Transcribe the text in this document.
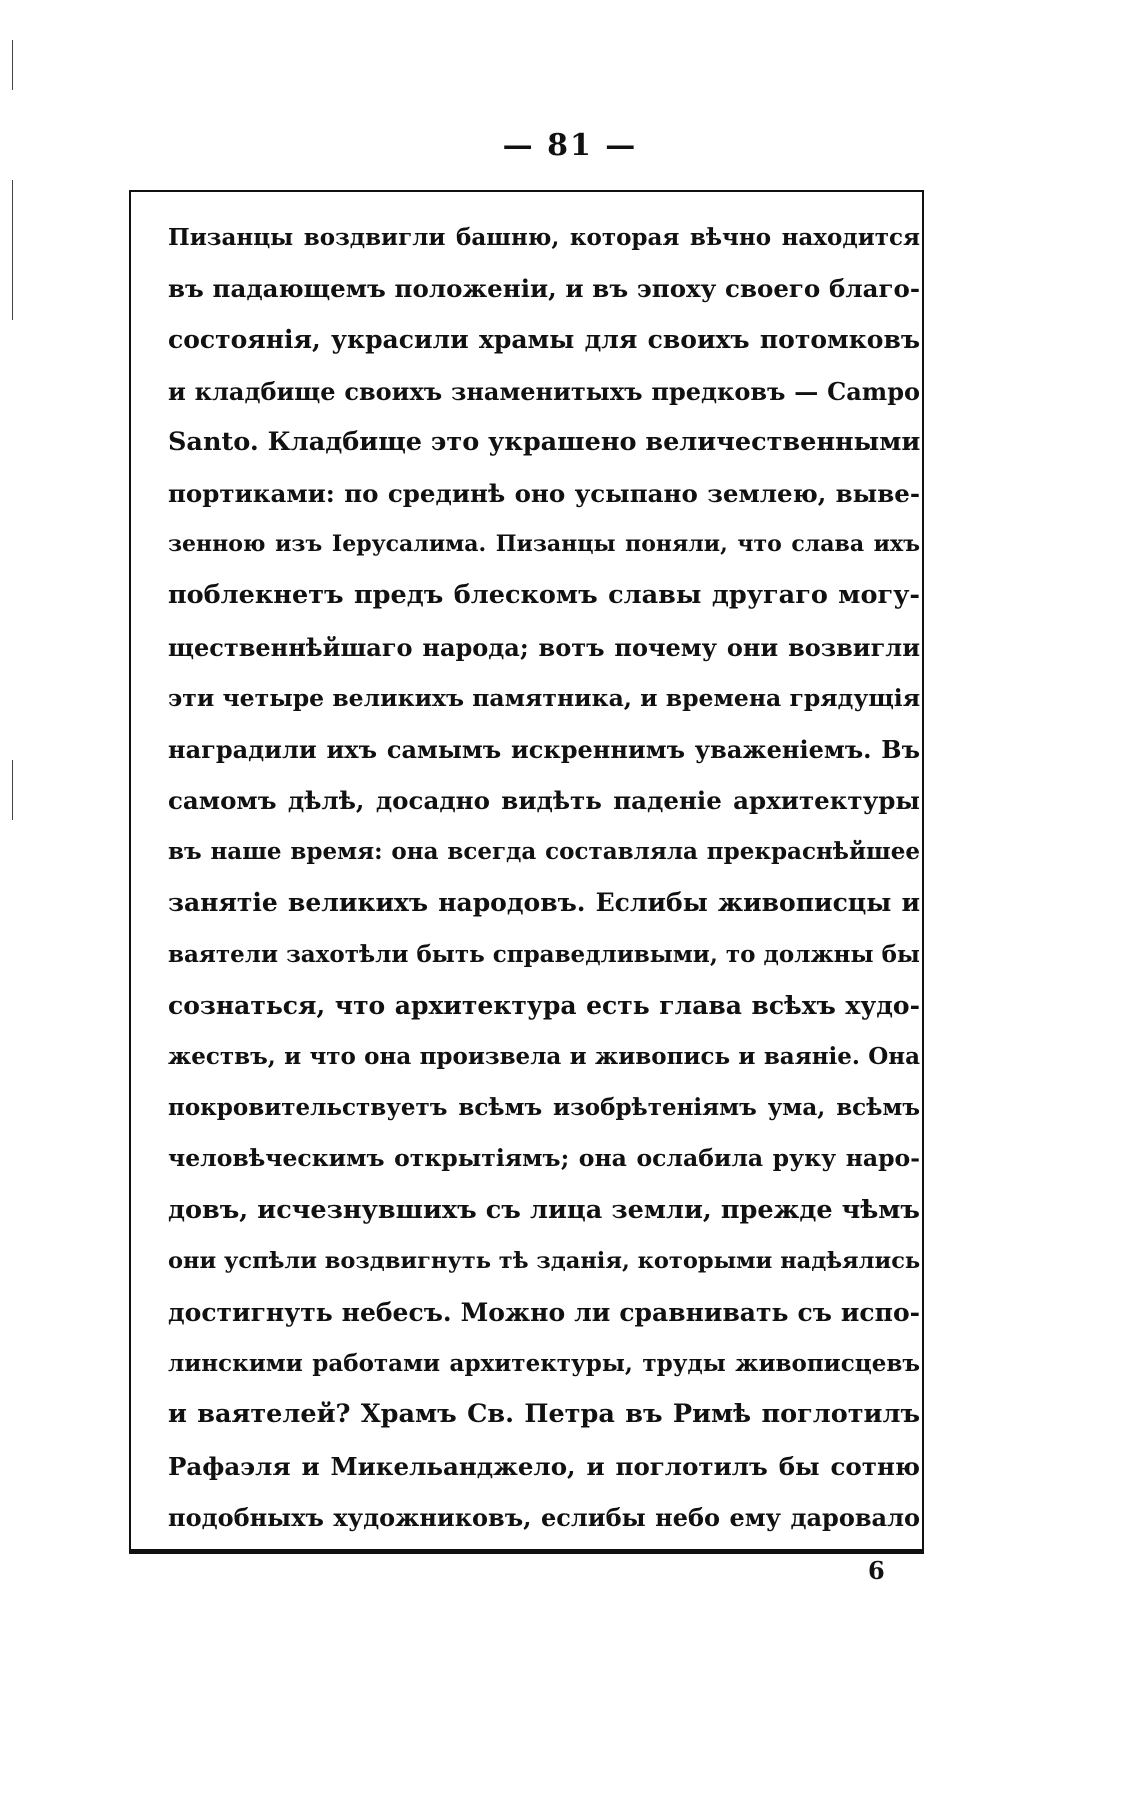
— 81 —
Пизанцы воздвигли башню, которая вѣчно находится
въ падающемъ положеніи, и въ эпоху своего благо-
состоянія, украсили храмы для своихъ потомковъ
и кладбище своихъ знаменитыхъ предковъ — Campo
Santo. Кладбище это украшено величественными
портиками: по срединѣ оно усыпано землею, выве-
зенною изъ Іерусалима. Пизанцы поняли, что слава ихъ
поблекнетъ предъ блескомъ славы другаго могу-
щественнѣйшаго народа; вотъ почему они возвигли
эти четыре великихъ памятника, и времена грядущія
наградили ихъ самымъ искреннимъ уваженіемъ. Въ
самомъ дѣлѣ, досадно видѣть паденіе архитектуры
въ наше время: она всегда составляла прекраснѣйшее
занятіе великихъ народовъ. Еслибы живописцы и
ваятели захотѣли быть справедливыми, то должны бы
сознаться, что архитектура есть глава всѣхъ худо-
жествъ, и что она произвела и живопись и ваяніе. Она
покровительствуетъ всѣмъ изобрѣтеніямъ ума, всѣмъ
человѣческимъ открытіямъ; она ослабила руку наро-
довъ, исчезнувшихъ съ лица земли, прежде чѣмъ
они успѣли воздвигнуть тѣ зданія, которыми надѣялись
достигнуть небесъ. Можно ли сравнивать съ испо-
линскими работами архитектуры, труды живописцевъ
и ваятелей? Храмъ Св. Петра въ Римѣ поглотилъ
Рафаэля и Микельанджело, и поглотилъ бы сотню
подобныхъ художниковъ, еслибы небо ему даровало
6
